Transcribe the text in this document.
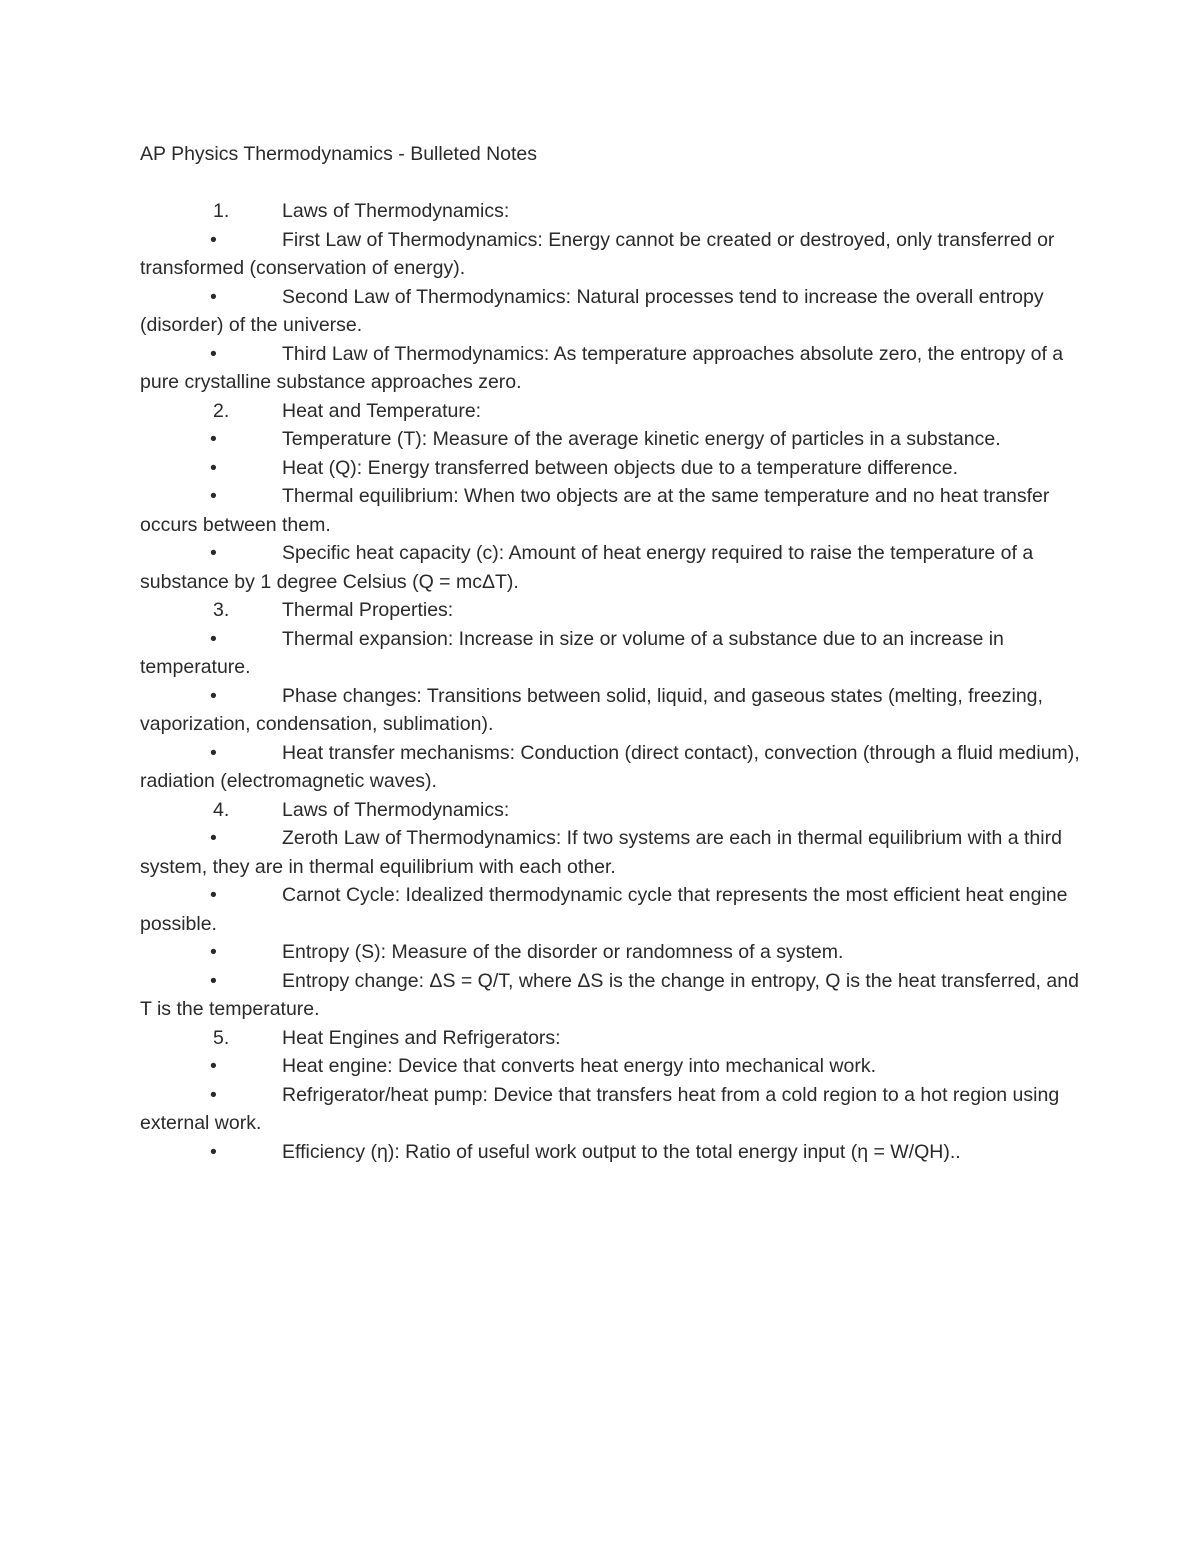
AP Physics Thermodynamics - Bulleted Notes
1.	Laws of Thermodynamics:
•	First Law of Thermodynamics: Energy cannot be created or destroyed, only transferred or transformed (conservation of energy).
•	Second Law of Thermodynamics: Natural processes tend to increase the overall entropy (disorder) of the universe.
•	Third Law of Thermodynamics: As temperature approaches absolute zero, the entropy of a pure crystalline substance approaches zero.
2.	Heat and Temperature:
•	Temperature (T): Measure of the average kinetic energy of particles in a substance.
•	Heat (Q): Energy transferred between objects due to a temperature difference.
•	Thermal equilibrium: When two objects are at the same temperature and no heat transfer occurs between them.
•	Specific heat capacity (c): Amount of heat energy required to raise the temperature of a substance by 1 degree Celsius (Q = mcΔT).
3.	Thermal Properties:
•	Thermal expansion: Increase in size or volume of a substance due to an increase in temperature.
•	Phase changes: Transitions between solid, liquid, and gaseous states (melting, freezing, vaporization, condensation, sublimation).
•	Heat transfer mechanisms: Conduction (direct contact), convection (through a fluid medium), radiation (electromagnetic waves).
4.	Laws of Thermodynamics:
•	Zeroth Law of Thermodynamics: If two systems are each in thermal equilibrium with a third system, they are in thermal equilibrium with each other.
•	Carnot Cycle: Idealized thermodynamic cycle that represents the most efficient heat engine possible.
•	Entropy (S): Measure of the disorder or randomness of a system.
•	Entropy change: ΔS = Q/T, where ΔS is the change in entropy, Q is the heat transferred, and T is the temperature.
5.	Heat Engines and Refrigerators:
•	Heat engine: Device that converts heat energy into mechanical work.
•	Refrigerator/heat pump: Device that transfers heat from a cold region to a hot region using external work.
•	Efficiency (η): Ratio of useful work output to the total energy input (η = W/QH)..
